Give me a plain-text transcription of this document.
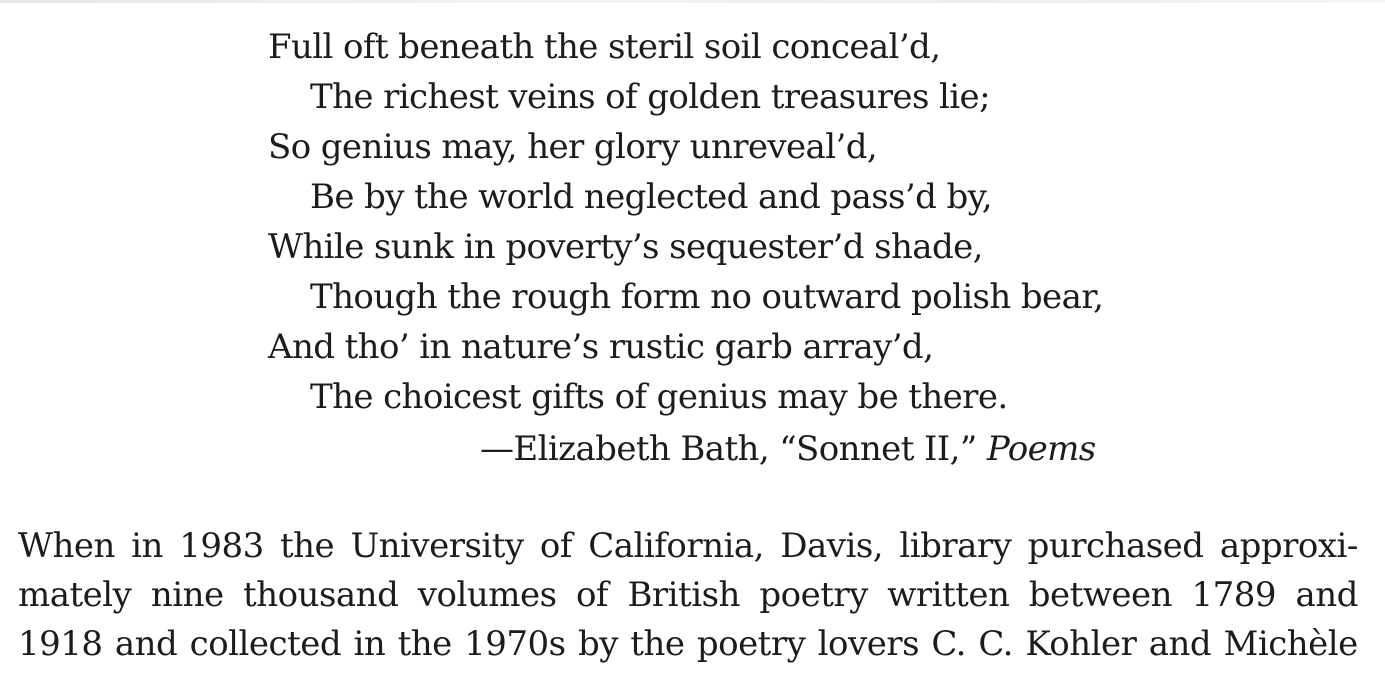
Full oft beneath the steril soil conceal’d,
The richest veins of golden treasures lie;
So genius may, her glory unreveal’d,
Be by the world neglected and pass’d by,
While sunk in poverty’s sequester’d shade,
Though the rough form no outward polish bear,
And tho’ in nature’s rustic garb array’d,
The choicest gifts of genius may be there.
—Elizabeth Bath, “Sonnet II,” Poems
When in 1983 the University of California, Davis, library purchased approxi-
mately nine thousand volumes of British poetry written between 1789 and
1918 and collected in the 1970s by the poetry lovers C. C. Kohler and Michèle
